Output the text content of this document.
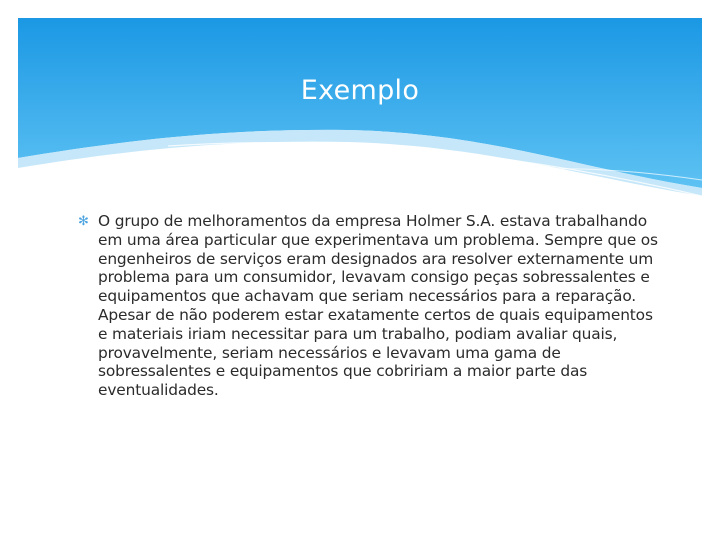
Exemplo
✻ O grupo de melhoramentos da empresa Holmer S.A. estava trabalhando em uma área particular que experimentava um problema. Sempre que os engenheiros de serviços eram designados ara resolver externamente um problema para um consumidor, levavam consigo peças sobressalentes e equipamentos que achavam que seriam necessários para a reparação. Apesar de não poderem estar exatamente certos de quais equipamentos e materiais iriam necessitar para um trabalho, podiam avaliar quais, provavelmente, seriam necessários e levavam uma gama de sobressalentes e equipamentos que cobririam a maior parte das eventualidades.
